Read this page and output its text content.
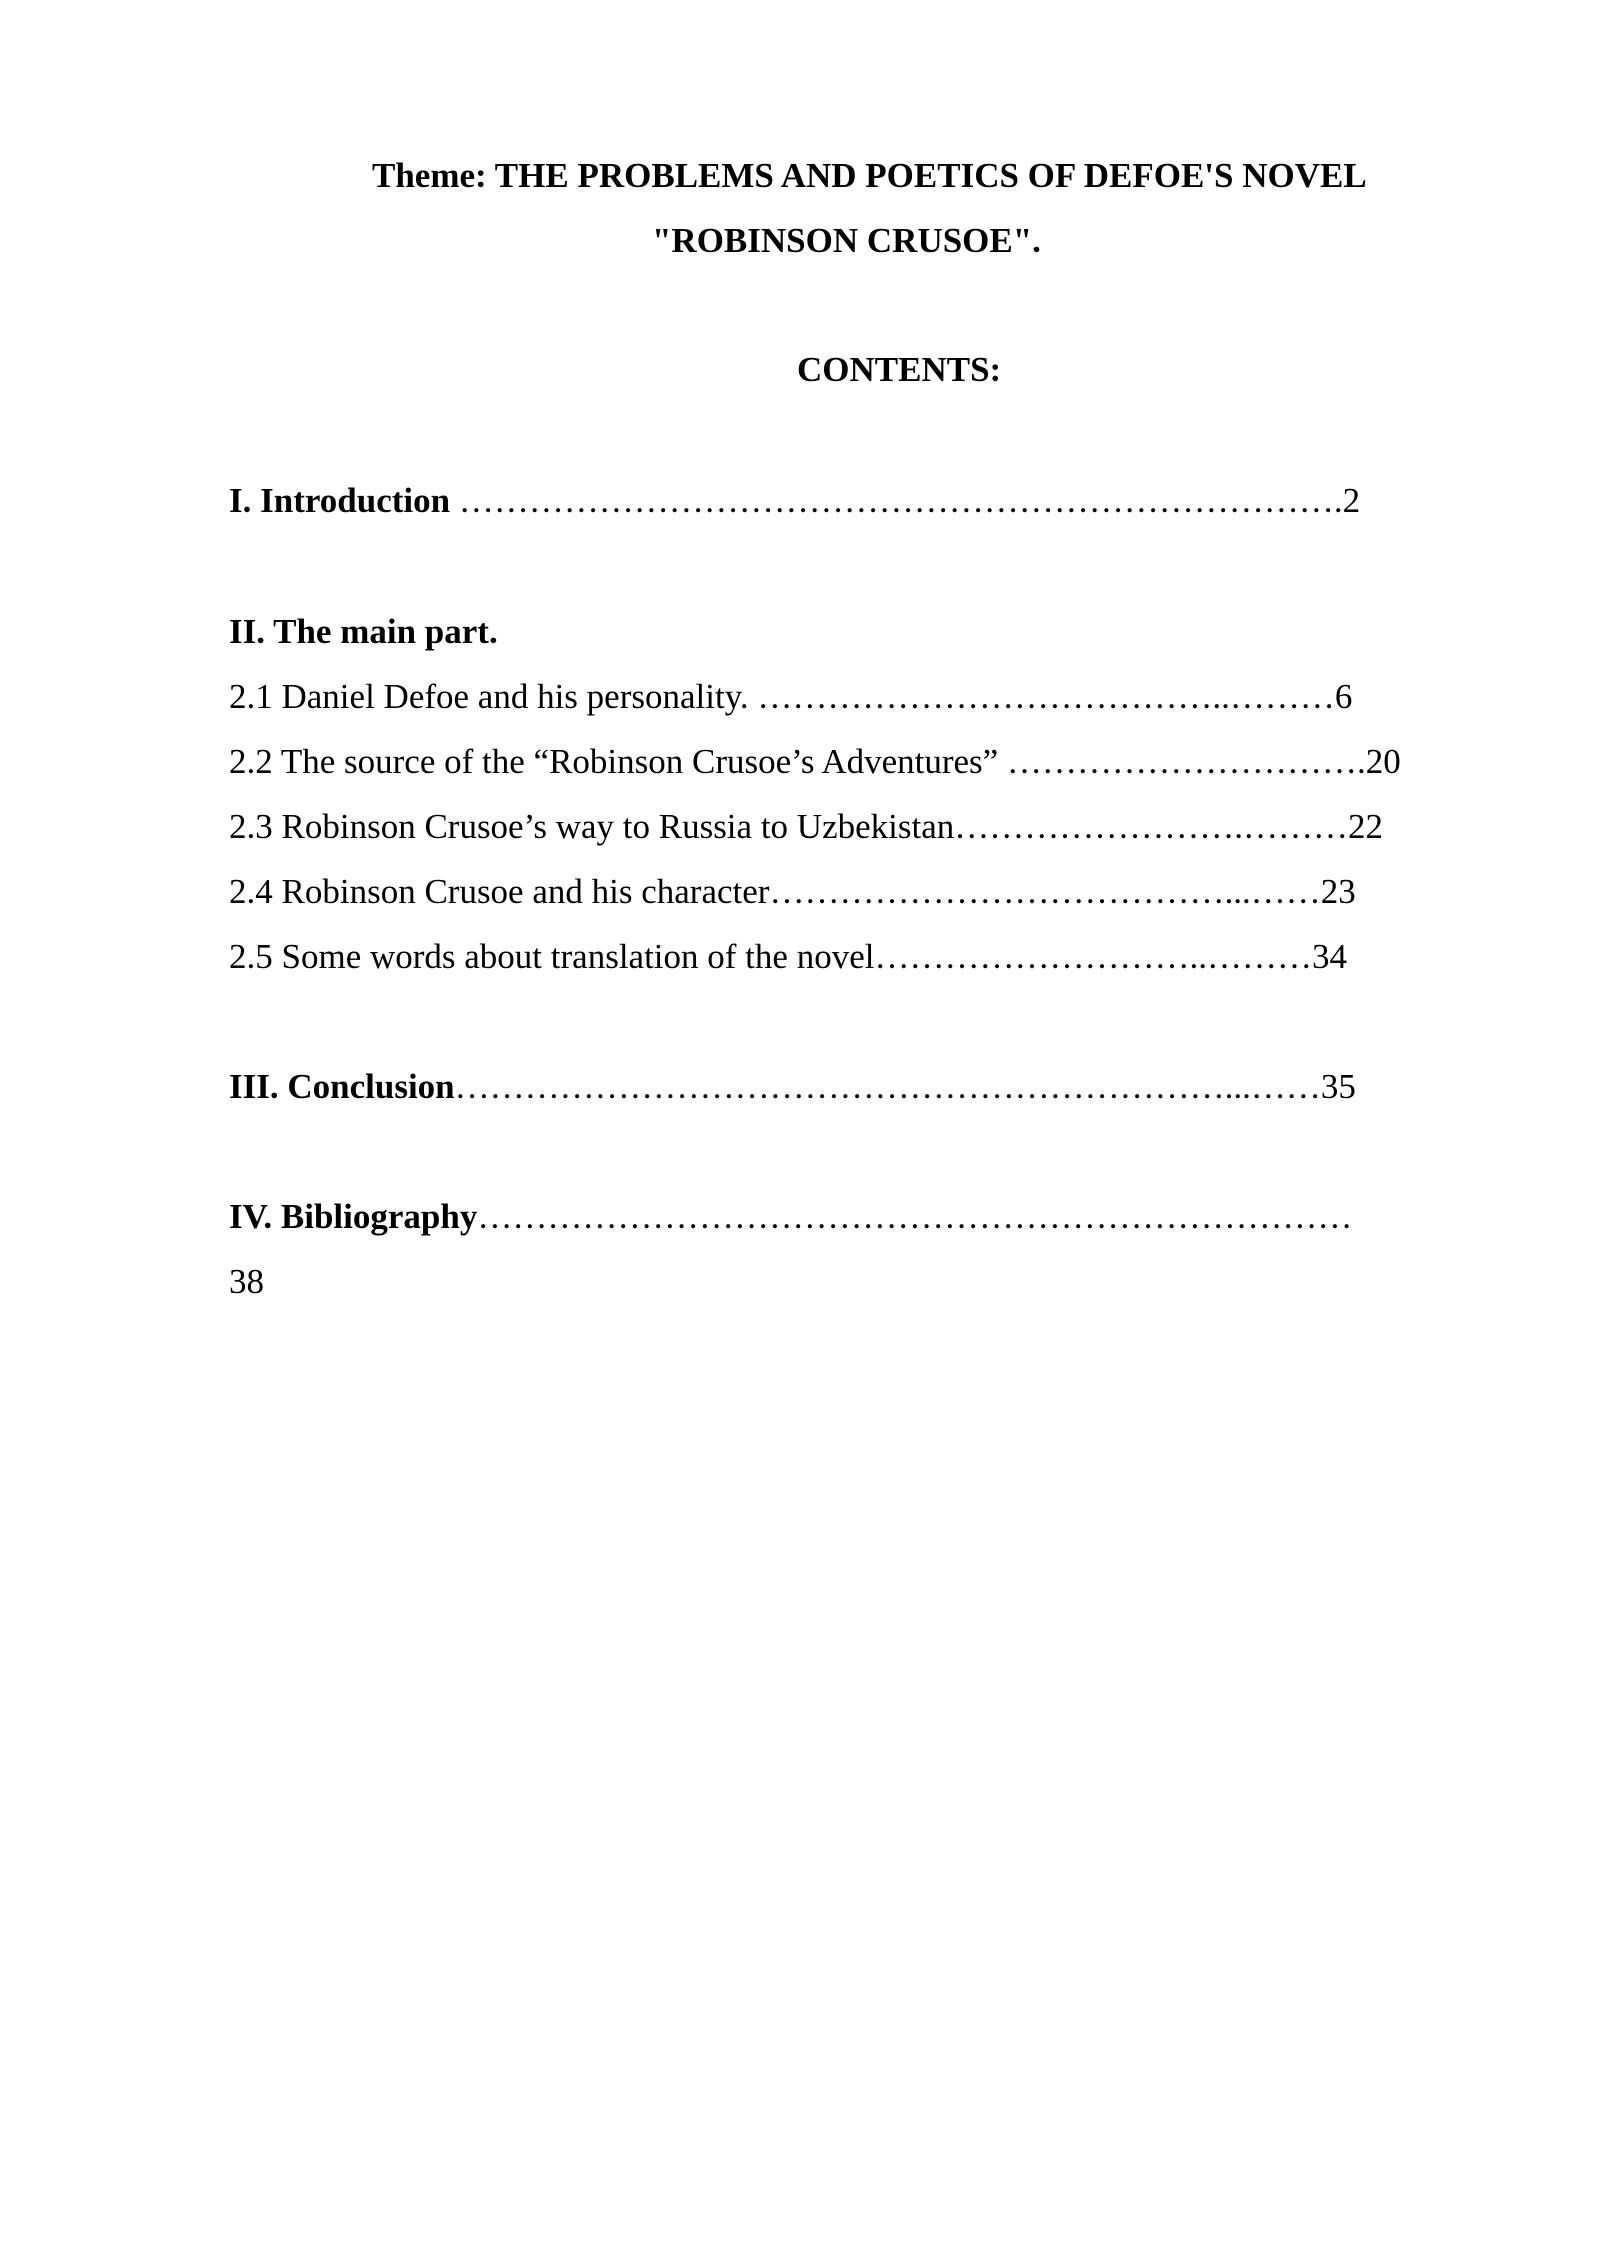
Theme: THE PROBLEMS AND POETICS OF DEFOE'S NOVEL
"ROBINSON CRUSOE".
CONTENTS:
I. Introduction ………………………………………………………………….2
II. The main part.
2.1 Daniel Defoe and his personality. …………………………………..………6
2.2 The source of the “Robinson Crusoe’s Adventures” ………………………….20
2.3 Robinson Crusoe’s way to Russia to Uzbekistan…………………….………22
2.4 Robinson Crusoe and his character…………………………………...……23
2.5 Some words about translation of the novel………………………..………34
III. Conclusion…………………………………………………………...……35
IV. Bibliography…………………………………………………………………
38
